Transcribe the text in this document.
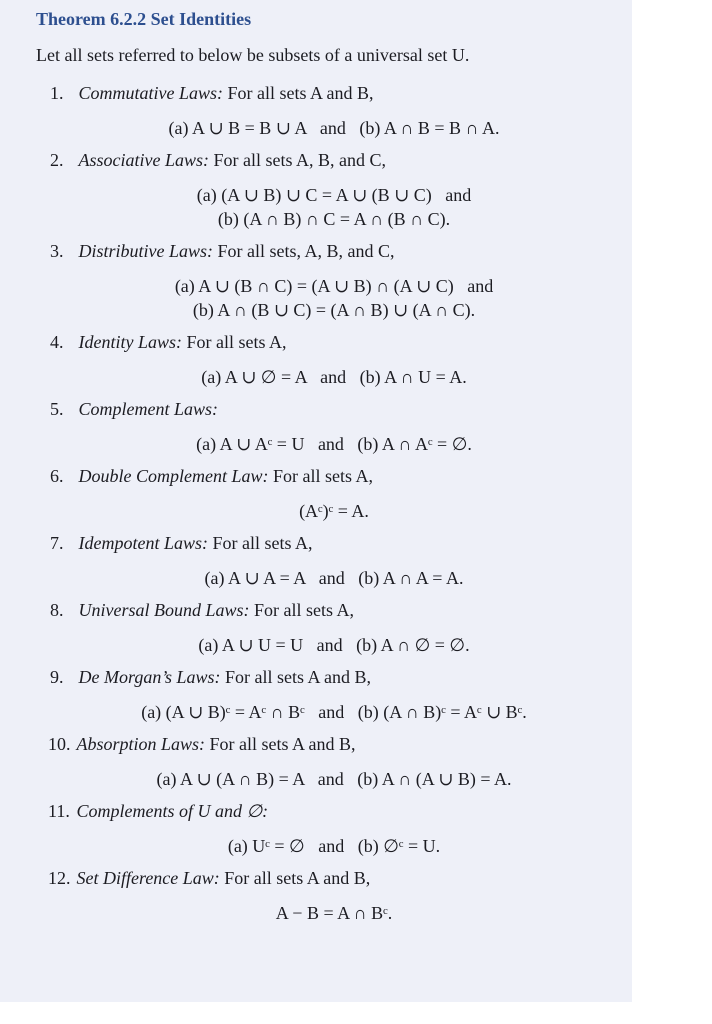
Theorem 6.2.2 Set Identities
Let all sets referred to below be subsets of a universal set U.
1. Commutative Laws: For all sets A and B,
(a) A ∪ B = B ∪ A   and   (b) A ∩ B = B ∩ A.
2. Associative Laws: For all sets A, B, and C,
(a) (A ∪ B) ∪ C = A ∪ (B ∪ C)   and
(b) (A ∩ B) ∩ C = A ∩ (B ∩ C).
3. Distributive Laws: For all sets, A, B, and C,
(a) A ∪ (B ∩ C) = (A ∪ B) ∩ (A ∪ C)   and
(b) A ∩ (B ∪ C) = (A ∩ B) ∪ (A ∩ C).
4. Identity Laws: For all sets A,
(a) A ∪ ∅ = A   and   (b) A ∩ U = A.
5. Complement Laws:
(a) A ∪ Aᶜ = U   and   (b) A ∩ Aᶜ = ∅.
6. Double Complement Law: For all sets A,
(Aᶜ)ᶜ = A.
7. Idempotent Laws: For all sets A,
(a) A ∪ A = A   and   (b) A ∩ A = A.
8. Universal Bound Laws: For all sets A,
(a) A ∪ U = U   and   (b) A ∩ ∅ = ∅.
9. De Morgan’s Laws: For all sets A and B,
(a) (A ∪ B)ᶜ = Aᶜ ∩ Bᶜ   and   (b) (A ∩ B)ᶜ = Aᶜ ∪ Bᶜ.
10. Absorption Laws: For all sets A and B,
(a) A ∪ (A ∩ B) = A   and   (b) A ∩ (A ∪ B) = A.
11. Complements of U and ∅:
(a) Uᶜ = ∅   and   (b) ∅ᶜ = U.
12. Set Difference Law: For all sets A and B,
A − B = A ∩ Bᶜ.
